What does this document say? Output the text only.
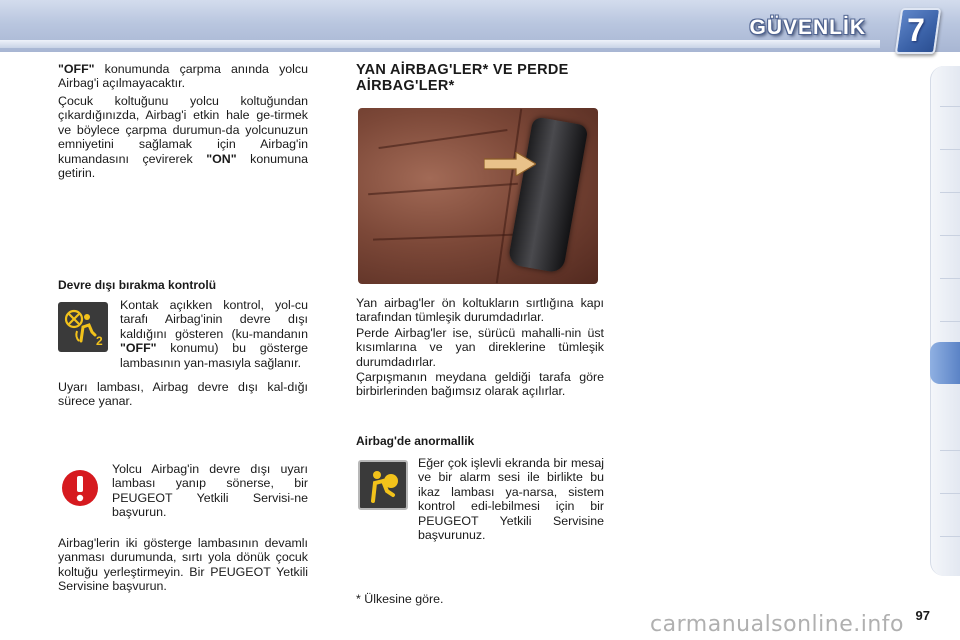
GÜVENLİK 7
"OFF" konumunda çarpma anında yolcu Airbag'i açılmayacaktır.
Çocuk koltuğunu yolcu koltuğundan çıkardığınızda, Airbag'i etkin hale ge-tirmek ve böylece çarpma durumun-da yolcunuzun emniyetini sağlamak için Airbag'in kumandasını çevirerek "ON" konumuna getirin.
Devre dışı bırakma kontrolü
2
Kontak açıkken kontrol, yol-cu tarafı Airbag'inin devre dışı kaldığını gösteren (ku-mandanın "OFF" konumu) bu gösterge lambasının yan-masıyla sağlanır.
Uyarı lambası, Airbag devre dışı kal-dığı sürece yanar.
Yolcu Airbag'in devre dışı uyarı lambası yanıp sönerse, bir PEUGEOT Yetkili Servisi-ne başvurun.
Airbag'lerin iki gösterge lambasının devamlı yanması durumunda, sırtı yola dönük çocuk koltuğu yerleştirmeyin. Bir PEUGEOT Yetkili Servisine başvurun.
YAN AİRBAG'LER* VE PERDE AİRBAG'LER*
Yan airbag'ler ön koltukların sırtlığına kapı tarafından tümleşik durumdadırlar.
Perde Airbag'ler ise, sürücü mahalli-nin üst kısımlarına ve yan direklerine tümleşik durumdadırlar.
Çarpışmanın meydana geldiği tarafa göre birbirlerinden bağımsız olarak açılırlar.
Airbag'de anormallik
Eğer çok işlevli ekranda bir mesaj ve bir alarm sesi ile birlikte bu ikaz lambası ya-narsa, sistem kontrol edi-lebilmesi için bir PEUGEOT Yetkili Servisine başvurunuz.
* Ülkesine göre.
carmanualsonline.info 97
